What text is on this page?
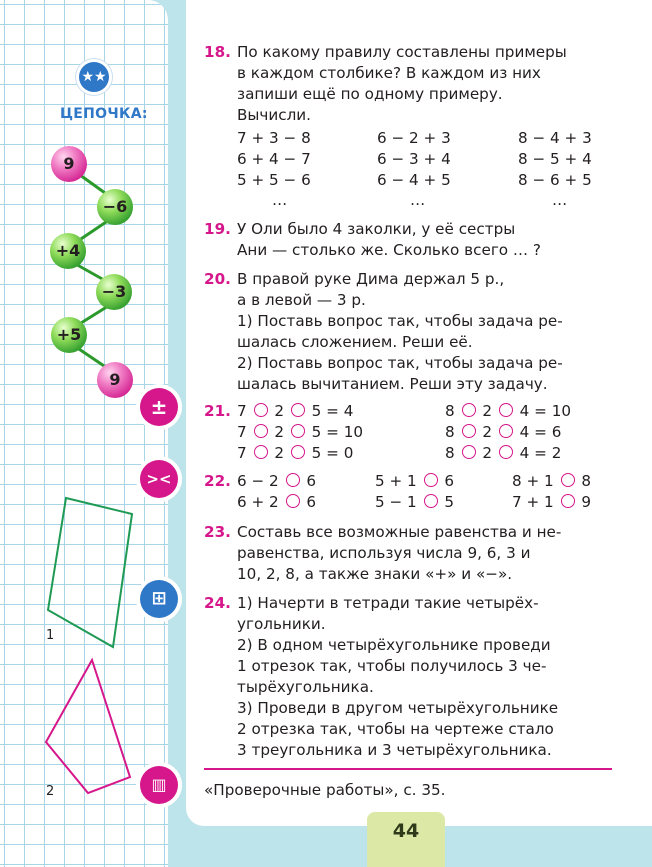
44
★★
ЦЕПОЧКА:
9
−6
+4
−3
+5
9
±
><
⊞
▥
1
2
18. По какому правилу составлены примеры
в каждом столбике? В каждом из них
запиши ещё по одному примеру.
Вычисли.
7 + 3 − 8
6 + 4 − 7
5 + 5 − 6
…
6 − 2 + 3
6 − 3 + 4
6 − 4 + 5
…
8 − 4 + 3
8 − 5 + 4
8 − 6 + 5
…
19. У Оли было 4 заколки, у её сестры
Ани — столько же. Сколько всего … ?
20. В правой руке Дима держал 5 р.,
а в левой — 3 р.
1) Поставь вопрос так, чтобы задача ре-
шалась сложением. Реши её.
2) Поставь вопрос так, чтобы задача ре-
шалась вычитанием. Реши эту задачу.
21. 7 2 5 = 4
7 2 5 = 10
7 2 5 = 0
8 2 4 = 10
8 2 4 = 6
8 2 4 = 2
22. 6 − 2 6
6 + 2 6
5 + 1 6
5 − 1 5
8 + 1 8
7 + 1 9
23. Составь все возможные равенства и не-
равенства, используя числа 9, 6, 3 и
10, 2, 8, а также знаки «+» и «−».
24. 1) Начерти в тетради такие четырёх-
угольники.
2) В одном четырёхугольнике проведи
1 отрезок так, чтобы получилось 3 че-
тырёхугольника.
3) Проведи в другом четырёхугольнике
2 отрезка так, чтобы на чертеже стало
3 треугольника и 3 четырёхугольника.
«Проверочные работы», с. 35.
